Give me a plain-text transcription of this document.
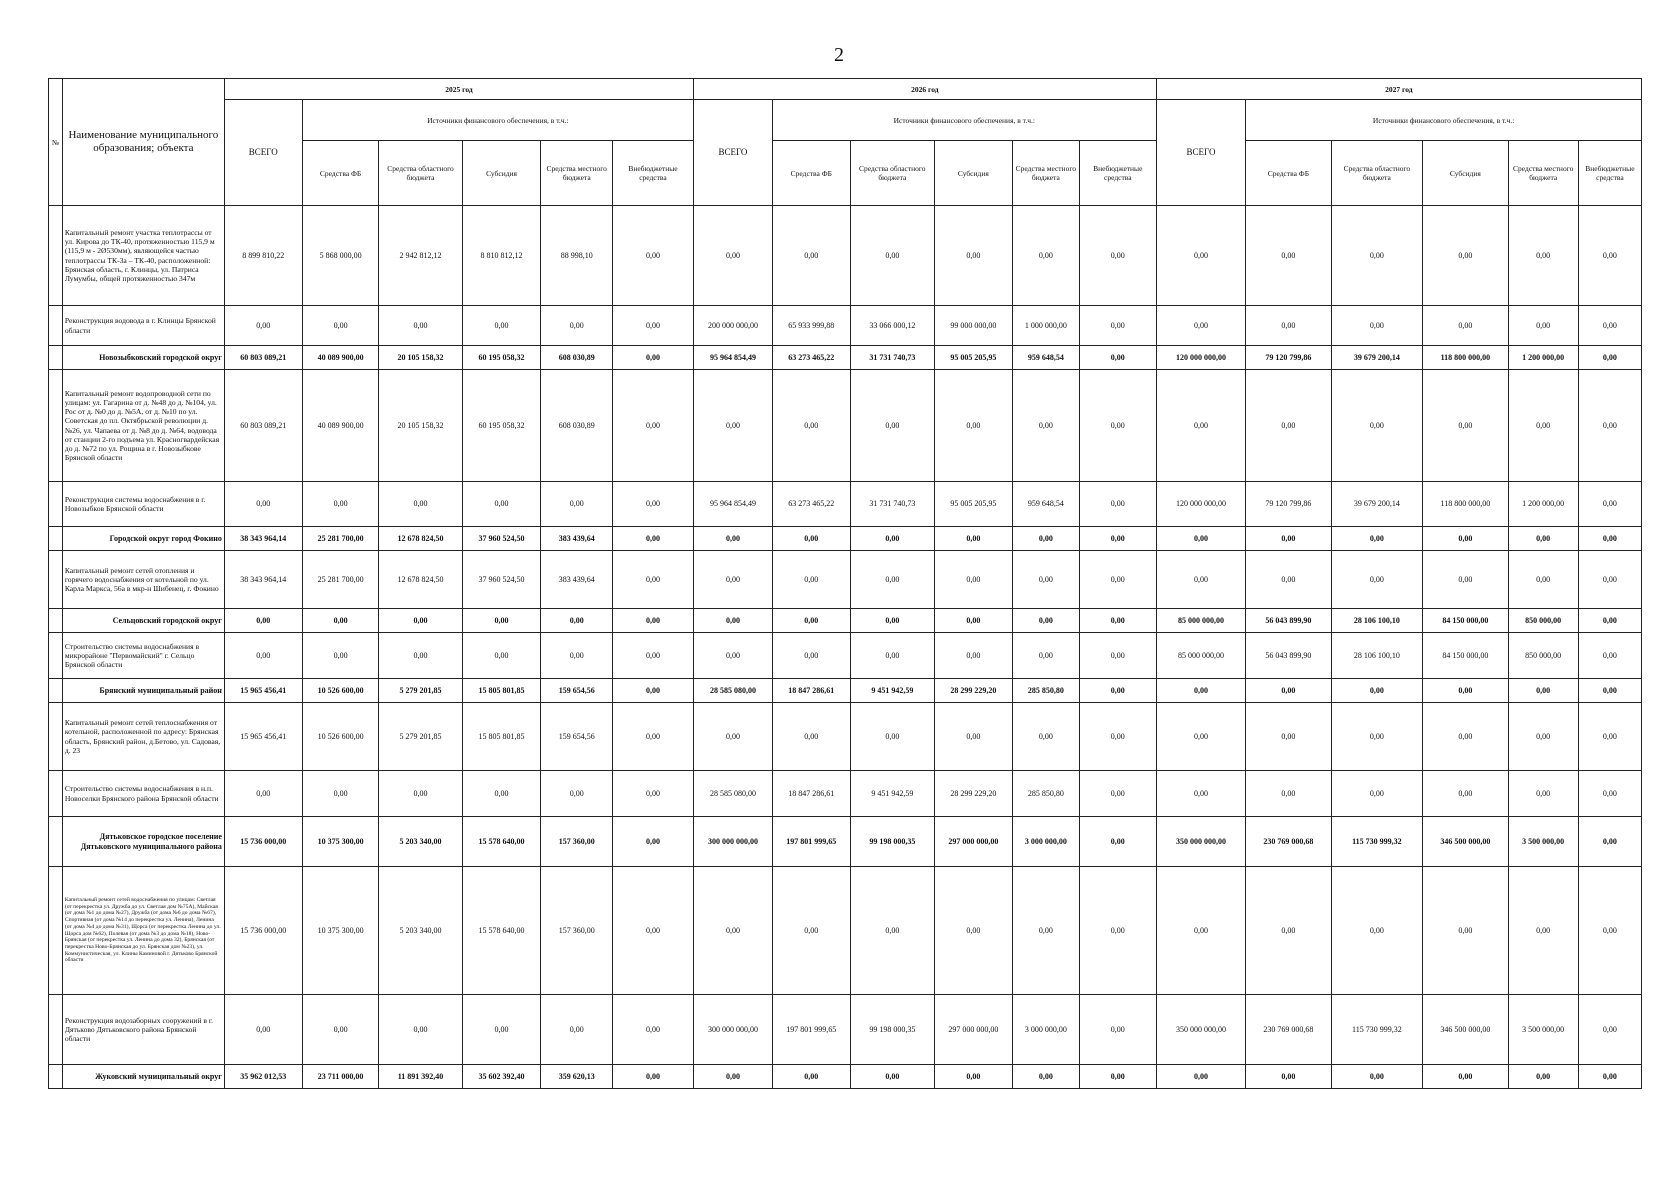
2
№	Наименование муниципального образования; объекта	2025 год						2026 год						2027 год					
		ВСЕГО	Источники финансового обеспечения, в т.ч.:					ВСЕГО	Источники финансового обеспечения, в т.ч.:					ВСЕГО	Источники финансового обеспечения, в т.ч.:				
			Средства ФБ	Средства областного бюджета	Субсидия	Средства местного бюджета	Внебюджетные средства		Средства ФБ	Средства областного бюджета	Субсидия	Средства местного бюджета	Внебюджетные средства		Средства ФБ	Средства областного бюджета	Субсидия	Средства местного бюджета	Внебюджетные средства
	Капитальный ремонт участка теплотрассы от ул. Кирова до ТК-40, протяженностью 115,9 м (115,9 м - 2Ø530мм), являющейся частью теплотрассы ТК-3а – ТК-40, расположенной: Брянская область, г. Клинцы, ул. Патриса Лумумбы, общей протяженностью 347м	8 899 810,22	5 868 000,00	2 942 812,12	8 810 812,12	88 998,10	0,00	0,00	0,00	0,00	0,00	0,00	0,00	0,00	0,00	0,00	0,00	0,00	0,00
	Реконструкция водовода в г. Клинцы Брянской области	0,00	0,00	0,00	0,00	0,00	0,00	200 000 000,00	65 933 999,88	33 066 000,12	99 000 000,00	1 000 000,00	0,00	0,00	0,00	0,00	0,00	0,00	0,00
	Новозыбковский городской округ	60 803 089,21	40 089 900,00	20 105 158,32	60 195 058,32	608 030,89	0,00	95 964 854,49	63 273 465,22	31 731 740,73	95 005 205,95	959 648,54	0,00	120 000 000,00	79 120 799,86	39 679 200,14	118 800 000,00	1 200 000,00	0,00
	Капитальный ремонт водопроводной сети по улицам: ул. Гагарина от д. №48 до д. №104, ул. Рос от д. №0 до д. №5А, от д. №10 по ул. Советская до пл. Октябрьской революции д. №26, ул. Чапаева от д. №8 до д. №64, водовода от станции 2-го подъема ул. Красногвардейская до д. №72 по ул. Рощина в г. Новозыбкове Брянской области	60 803 089,21	40 089 900,00	20 105 158,32	60 195 058,32	608 030,89	0,00	0,00	0,00	0,00	0,00	0,00	0,00	0,00	0,00	0,00	0,00	0,00	0,00
	Реконструкция системы водоснабжения в г. Новозыбков Брянской области	0,00	0,00	0,00	0,00	0,00	0,00	95 964 854,49	63 273 465,22	31 731 740,73	95 005 205,95	959 648,54	0,00	120 000 000,00	79 120 799,86	39 679 200,14	118 800 000,00	1 200 000,00	0,00
	Городской округ город Фокино	38 343 964,14	25 281 700,00	12 678 824,50	37 960 524,50	383 439,64	0,00	0,00	0,00	0,00	0,00	0,00	0,00	0,00	0,00	0,00	0,00	0,00	0,00
	Капитальный ремонт сетей отопления и горячего водоснабжения от котельной по ул. Карла Маркса, 56а в мкр-н Шибенец, г. Фокино	38 343 964,14	25 281 700,00	12 678 824,50	37 960 524,50	383 439,64	0,00	0,00	0,00	0,00	0,00	0,00	0,00	0,00	0,00	0,00	0,00	0,00	0,00
	Сельцовский городской округ	0,00	0,00	0,00	0,00	0,00	0,00	0,00	0,00	0,00	0,00	0,00	0,00	85 000 000,00	56 043 899,90	28 106 100,10	84 150 000,00	850 000,00	0,00
	Строительство системы водоснабжения в микрорайоне "Первомайский" г. Сельцо Брянской области	0,00	0,00	0,00	0,00	0,00	0,00	0,00	0,00	0,00	0,00	0,00	0,00	85 000 000,00	56 043 899,90	28 106 100,10	84 150 000,00	850 000,00	0,00
	Брянский муниципальный район	15 965 456,41	10 526 600,00	5 279 201,85	15 805 801,85	159 654,56	0,00	28 585 080,00	18 847 286,61	9 451 942,59	28 299 229,20	285 850,80	0,00	0,00	0,00	0,00	0,00	0,00	0,00
	Капитальный ремонт сетей теплоснабжения от котельной, расположенной по адресу: Брянская область, Брянский район, д.Бетово, ул. Садовая, д. 23	15 965 456,41	10 526 600,00	5 279 201,85	15 805 801,85	159 654,56	0,00	0,00	0,00	0,00	0,00	0,00	0,00	0,00	0,00	0,00	0,00	0,00	0,00
	Строительство системы водоснабжения в н.п. Новоселки Брянского района Брянской области	0,00	0,00	0,00	0,00	0,00	0,00	28 585 080,00	18 847 286,61	9 451 942,59	28 299 229,20	285 850,80	0,00	0,00	0,00	0,00	0,00	0,00	0,00
	Дятьковское городское поселение Дятьковского муниципального района	15 736 000,00	10 375 300,00	5 203 340,00	15 578 640,00	157 360,00	0,00	300 000 000,00	197 801 999,65	99 198 000,35	297 000 000,00	3 000 000,00	0,00	350 000 000,00	230 769 000,68	115 730 999,32	346 500 000,00	3 500 000,00	0,00
	Капитальный ремонт сетей водоснабжения по улицам: Светлая (от перекрестка ул. Дружба до ул. Светлая дом №75А), Майская (от дома №1 до дома №27), Дружба (от дома №6 до дома №67), Спортивная (от дома №14 до перекрестка ул. Ленина), Ленина (от дома №4 до дома №31), Щорса (от перекрестка Ленина до ул. Щорса дом №62), Полевая (от дома №3 до дома №18), Ново-Брянская (от перекрестка ул. Ленина до дома 32), Брянская (от перекрестка Ново-Брянская до ул. Брянская дом №23), ул. Коммунистическая, ул. Клины Каминовой г. Дятьково Брянской области	15 736 000,00	10 375 300,00	5 203 340,00	15 578 640,00	157 360,00	0,00	0,00	0,00	0,00	0,00	0,00	0,00	0,00	0,00	0,00	0,00	0,00	0,00
	Реконструкция водозаборных сооружений в г. Дятьково Дятьковского района Брянской области	0,00	0,00	0,00	0,00	0,00	0,00	300 000 000,00	197 801 999,65	99 198 000,35	297 000 000,00	3 000 000,00	0,00	350 000 000,00	230 769 000,68	115 730 999,32	346 500 000,00	3 500 000,00	0,00
	Жуковский муниципальный округ	35 962 012,53	23 711 000,00	11 891 392,40	35 602 392,40	359 620,13	0,00	0,00	0,00	0,00	0,00	0,00	0,00	0,00	0,00	0,00	0,00	0,00	0,00
